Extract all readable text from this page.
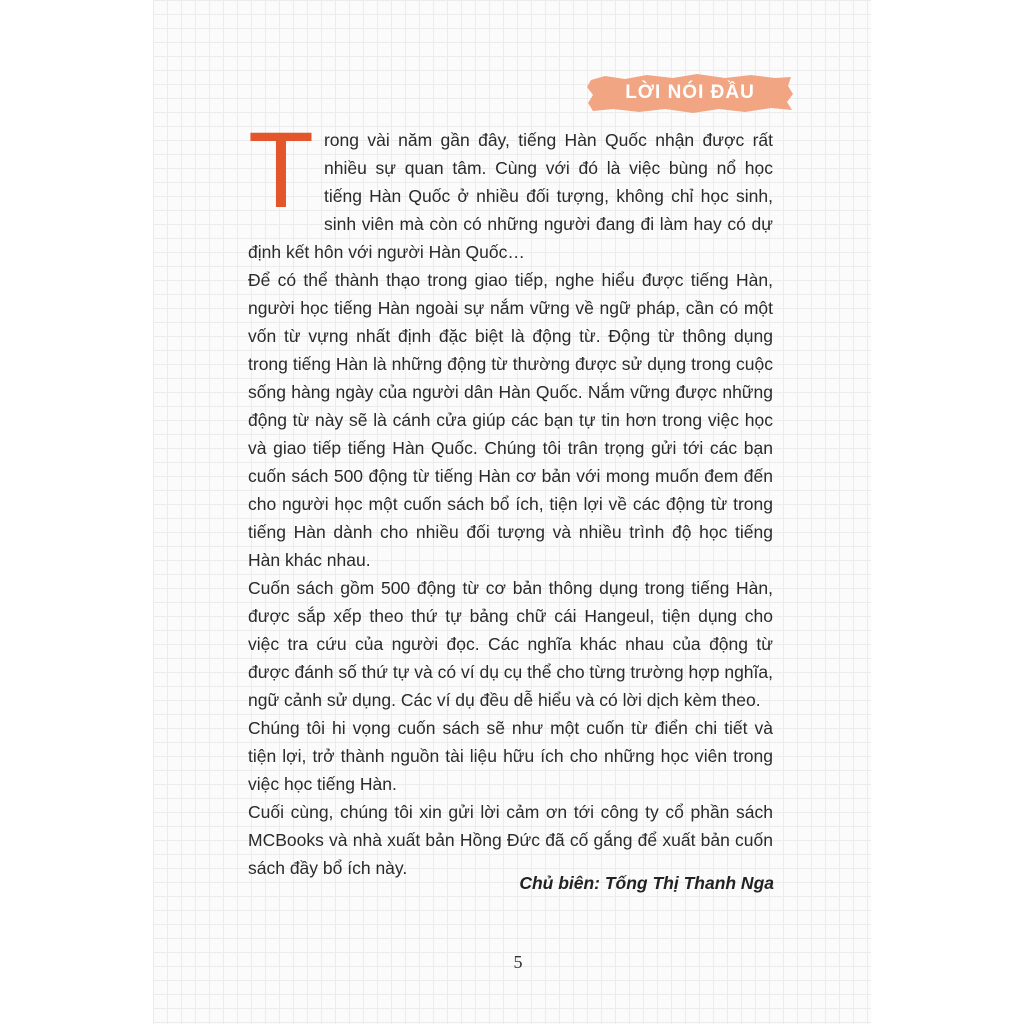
LỜI NÓI ĐẦU

Trong vài năm gần đây, tiếng Hàn Quốc nhận được rất nhiều sự quan tâm. Cùng với đó là việc bùng nổ học tiếng Hàn Quốc ở nhiều đối tượng, không chỉ học sinh, sinh viên mà còn có những người đang đi làm hay có dự định kết hôn với người Hàn Quốc…

Để có thể thành thạo trong giao tiếp, nghe hiểu được tiếng Hàn, người học tiếng Hàn ngoài sự nắm vững về ngữ pháp, cần có một vốn từ vựng nhất định đặc biệt là động từ. Động từ thông dụng trong tiếng Hàn là những động từ thường được sử dụng trong cuộc sống hàng ngày của người dân Hàn Quốc. Nắm vững được những động từ này sẽ là cánh cửa giúp các bạn tự tin hơn trong việc học và giao tiếp tiếng Hàn Quốc. Chúng tôi trân trọng gửi tới các bạn cuốn sách 500 động từ tiếng Hàn cơ bản với mong muốn đem đến cho người học một cuốn sách bổ ích, tiện lợi về các động từ trong tiếng Hàn dành cho nhiều đối tượng và nhiều trình độ học tiếng Hàn khác nhau.

Cuốn sách gồm 500 động từ cơ bản thông dụng trong tiếng Hàn, được sắp xếp theo thứ tự bảng chữ cái Hangeul, tiện dụng cho việc tra cứu của người đọc. Các nghĩa khác nhau của động từ được đánh số thứ tự và có ví dụ cụ thể cho từng trường hợp nghĩa, ngữ cảnh sử dụng. Các ví dụ đều dễ hiểu và có lời dịch kèm theo.

Chúng tôi hi vọng cuốn sách sẽ như một cuốn từ điển chi tiết và tiện lợi, trở thành nguồn tài liệu hữu ích cho những học viên trong việc học tiếng Hàn.

Cuối cùng, chúng tôi xin gửi lời cảm ơn tới công ty cổ phần sách MCBooks và nhà xuất bản Hồng Đức đã cố gắng để xuất bản cuốn sách đầy bổ ích này.

Chủ biên: Tống Thị Thanh Nga
5
